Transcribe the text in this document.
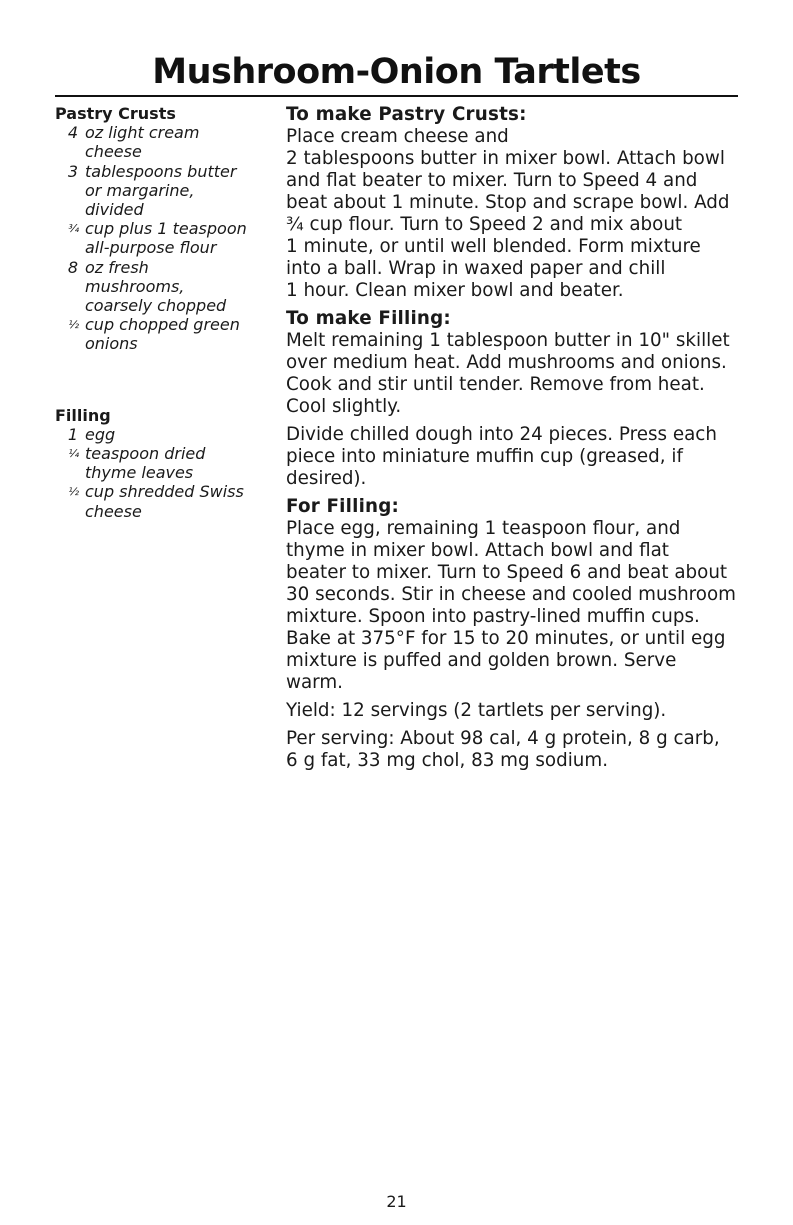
Mushroom-Onion Tartlets

Pastry Crusts

4 oz light cream
cheese
3 tablespoons butter
or margarine,
divided
¾ cup plus 1 teaspoon
all-purpose flour
8 oz fresh
mushrooms,
coarsely chopped
½ cup chopped green
onions

Filling

1 egg
¼ teaspoon dried
thyme leaves
½ cup shredded Swiss
cheese

To make Pastry Crusts:

Place cream cheese and

2 tablespoons butter in mixer bowl. Attach bowl

and flat beater to mixer. Turn to Speed 4 and

beat about 1 minute. Stop and scrape bowl. Add

¾ cup flour. Turn to Speed 2 and mix about

1 minute, or until well blended. Form mixture

into a ball. Wrap in waxed paper and chill

1 hour. Clean mixer bowl and beater.

To make Filling:

Melt remaining 1 tablespoon butter in 10" skillet

over medium heat. Add mushrooms and onions.

Cook and stir until tender. Remove from heat.

Cool slightly.

Divide chilled dough into 24 pieces. Press each

piece into miniature muffin cup (greased, if

desired).

For Filling:

Place egg, remaining 1 teaspoon flour, and

thyme in mixer bowl. Attach bowl and flat

beater to mixer. Turn to Speed 6 and beat about

30 seconds. Stir in cheese and cooled mushroom

mixture. Spoon into pastry-lined muffin cups.

Bake at 375°F for 15 to 20 minutes, or until egg

mixture is puffed and golden brown. Serve

warm.

Yield: 12 servings (2 tartlets per serving).

Per serving: About 98 cal, 4 g protein, 8 g carb,

6 g fat, 33 mg chol, 83 mg sodium.

21
